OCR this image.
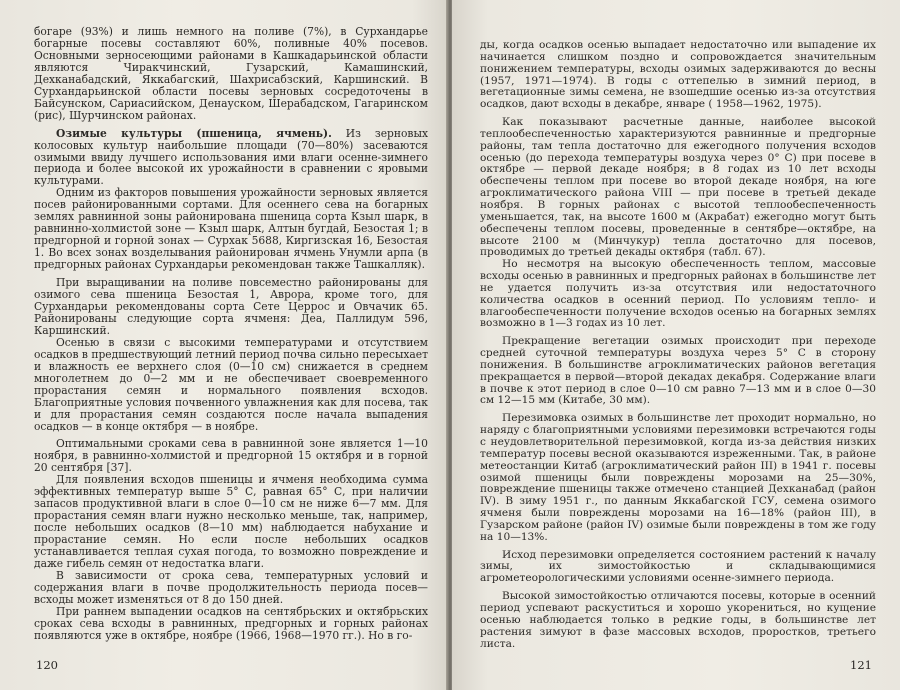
богаре (93%) и лишь немного на поливе (7%), в Сурхандарье богарные посевы составляют 60%, поливные 40% посевов. Основными зерносеющими районами в Кашкадарьинской области являются Чиракчинский, Гузарский, Камашинский, Дехканабадский, Яккабагский, Шахрисабзский, Каршинский. В Сурхандарьинской области посевы зерновых сосредоточены в Байсунском, Сариасийском, Денауском, Шерабадском, Гагаринском (рис), Шурчинском районах.

Озимые культуры (пшеница, ячмень). Из зерновых колосовых культур наибольшие площади (70—80%) засеваются озимыми ввиду лучшего использования ими влаги осенне-зимнего периода и более высокой их урожайности в сравнении с яровыми культурами.

Одним из факторов повышения урожайности зерновых является посев районированными сортами. Для осеннего сева на богарных землях равнинной зоны районирована пшеница сорта Кзыл шарк, в равнинно-холмистой зоне — Кзыл шарк, Алтын бугдай, Безостая 1; в предгорной и горной зонах — Сурхак 5688, Киргизская 16, Безостая 1. Во всех зонах возделывания районирован ячмень Унумли арпа (в предгорных районах Сурхандарьи рекомендован также Ташкалляк).

При выращивании на поливе повсеместно районированы для озимого сева пшеница Безостая 1, Аврора, кроме того, для Сурхандарьи рекомендованы сорта Сете Церрос и Овчачик 65. Районированы следующие сорта ячменя: Деа, Паллидум 596, Каршинский.

Осенью в связи с высокими температурами и отсутствием осадков в предшествующий летний период почва сильно пересыхает и влажность ее верхнего слоя (0—10 см) снижается в среднем многолетнем до 0—2 мм и не обеспечивает своевременного прорастания семян и нормального появления всходов. Благоприятные условия почвенного увлажнения как для посева, так и для прорастания семян создаются после начала выпадения осадков — в конце октября — в ноябре.

Оптимальными сроками сева в равнинной зоне является 1—10 ноября, в равнинно-холмистой и предгорной 15 октября и в горной 20 сентября [37].

Для появления всходов пшеницы и ячменя необходима сумма эффективных температур выше 5° С, равная 65° С, при наличии запасов продуктивной влаги в слое 0—10 см не ниже 6—7 мм. Для прорастания семян влаги нужно несколько меньше, так, например, после небольших осадков (8—10 мм) наблюдается набухание и прорастание семян. Но если после небольших осадков устанавливается теплая сухая погода, то возможно повреждение и даже гибель семян от недостатка влаги.

В зависимости от срока сева, температурных условий и содержания влаги в почве продолжительность периода посев—всходы может изменяться от 8 до 150 дней.

При раннем выпадении осадков на сентябрьских и октябрьских сроках сева всходы в равнинных, предгорных и горных районах появляются уже в октябре, ноябре (1966, 1968—1970 гг.). Но в го-

120

ды, когда осадков осенью выпадает недостаточно или выпадение их начинается слишком поздно и сопровождается значительным понижением температуры, всходы озимых задерживаются до весны (1957, 1971—1974). В годы с оттепелью в зимний период, в вегетационные зимы семена, не взошедшие осенью из-за отсутствия осадков, дают всходы в декабре, январе ( 1958—1962, 1975).

Как показывают расчетные данные, наиболее высокой теплообеспеченностью характеризуются равнинные и предгорные районы, там тепла достаточно для ежегодного получения всходов осенью (до перехода температуры воздуха через 0° С) при посеве в октябре — первой декаде ноября; в 8 годах из 10 лет всходы обеспечены теплом при посеве во второй декаде ноября, на юге агроклиматического района VIII — при посеве в третьей декаде ноября. В горных районах с высотой теплообеспеченность уменьшается, так, на высоте 1600 м (Акрабат) ежегодно могут быть обеспечены теплом посевы, проведенные в сентябре—октябре, на высоте 2100 м (Минчукур) тепла достаточно для посевов, проводимых до третьей декады октября (табл. 67).

Но несмотря на высокую обеспеченность теплом, массовые всходы осенью в равнинных и предгорных районах в большинстве лет не удается получить из-за отсутствия или недостаточного количества осадков в осенний период. По условиям тепло- и влагообеспеченности получение всходов осенью на богарных землях возможно в 1—3 годах из 10 лет.

Прекращение вегетации озимых происходит при переходе средней суточной температуры воздуха через 5° С в сторону понижения. В большинстве агроклиматических районов вегетация прекращается в первой—второй декадах декабря. Содержание влаги в почве к этот период в слое 0—10 см равно 7—13 мм и в слое 0—30 см 12—15 мм (Китабе, 30 мм).

Перезимовка озимых в большинстве лет проходит нормально, но наряду с благоприятными условиями перезимовки встречаются годы с неудовлетворительной перезимовкой, когда из-за действия низких температур посевы весной оказываются изреженными. Так, в районе метеостанции Китаб (агроклиматический район III) в 1941 г. посевы озимой пшеницы были повреждены морозами на 25—30%, повреждение пшеницы также отмечено станцией Дехканабад (район IV). В зиму 1951 г., по данным Яккабагской ГСУ, семена озимого ячменя были повреждены морозами на 16—18% (район III), в Гузарском районе (район IV) озимые были повреждены в том же году на 10—13%.

Исход перезимовки определяется состоянием растений к началу зимы, их зимостойкостью и складывающимися агрометеорологическими условиями осенне-зимнего периода.

Высокой зимостойкостью отличаются посевы, которые в осенний период успевают раскуститься и хорошо укорениться, но кущение осенью наблюдается только в редкие годы, в большинстве лет растения зимуют в фазе массовых всходов, проростков, третьего листа.

121
